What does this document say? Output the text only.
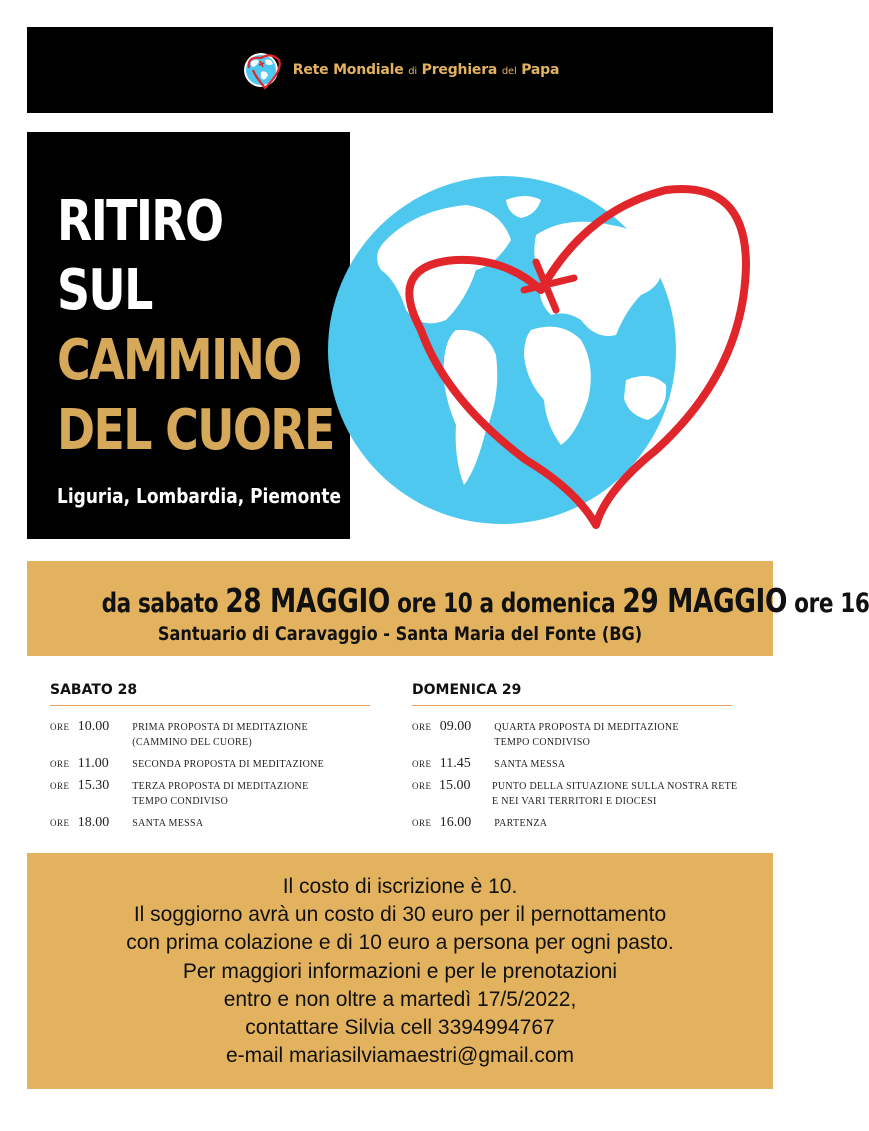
Rete Mondiale di Preghiera del Papa
RITIRO
SUL
CAMMINO
DEL CUORE
Liguria, Lombardia, Piemonte
da sabato 28 MAGGIO ore 10 a domenica 29 MAGGIO ore 16
Santuario di Caravaggio - Santa Maria del Fonte (BG)
SABATO 28
ORE 10.00	PRIMA PROPOSTA DI MEDITAZIONE
(CAMMINO DEL CUORE)
ORE 11.00	SECONDA PROPOSTA DI MEDITAZIONE
ORE 15.30	TERZA PROPOSTA DI MEDITAZIONE
TEMPO CONDIVISO
ORE 18.00	SANTA MESSA
DOMENICA 29
ORE 09.00	QUARTA PROPOSTA DI MEDITAZIONE
TEMPO CONDIVISO
ORE 11.45	SANTA MESSA
ORE 15.00	PUNTO DELLA SITUAZIONE SULLA NOSTRA RETE
E NEI VARI TERRITORI E DIOCESI
ORE 16.00	PARTENZA
Il costo di iscrizione è 10.
Il soggiorno avrà un costo di 30 euro per il pernottamento
con prima colazione e di 10 euro a persona per ogni pasto.
Per maggiori informazioni e per le prenotazioni
entro e non oltre a martedì 17/5/2022,
contattare Silvia cell 3394994767
e-mail mariasilviamaestri@gmail.com
